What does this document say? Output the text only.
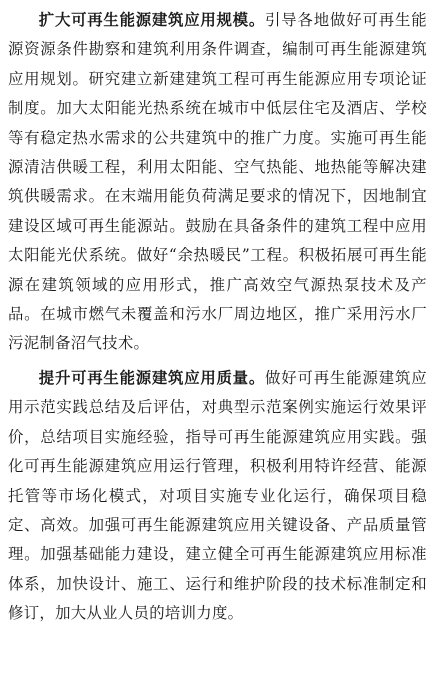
扩大可再生能源建筑应用规模。引导各地做好可再生能源资源条件勘察和建筑利用条件调查，编制可再生能源建筑应用规划。研究建立新建建筑工程可再生能源应用专项论证制度。加大太阳能光热系统在城市中低层住宅及酒店、学校等有稳定热水需求的公共建筑中的推广力度。实施可再生能源清洁供暖工程，利用太阳能、空气热能、地热能等解决建筑供暖需求。在末端用能负荷满足要求的情况下，因地制宜建设区域可再生能源站。鼓励在具备条件的建筑工程中应用太阳能光伏系统。做好“余热暖民”工程。积极拓展可再生能源在建筑领域的应用形式，推广高效空气源热泵技术及产品。在城市燃气未覆盖和污水厂周边地区，推广采用污水厂污泥制备沼气技术。

提升可再生能源建筑应用质量。做好可再生能源建筑应用示范实践总结及后评估，对典型示范案例实施运行效果评价，总结项目实施经验，指导可再生能源建筑应用实践。强化可再生能源建筑应用运行管理，积极利用特许经营、能源托管等市场化模式，对项目实施专业化运行，确保项目稳定、高效。加强可再生能源建筑应用关键设备、产品质量管理。加强基础能力建设，建立健全可再生能源建筑应用标准体系，加快设计、施工、运行和维护阶段的技术标准制定和修订，加大从业人员的培训力度。
